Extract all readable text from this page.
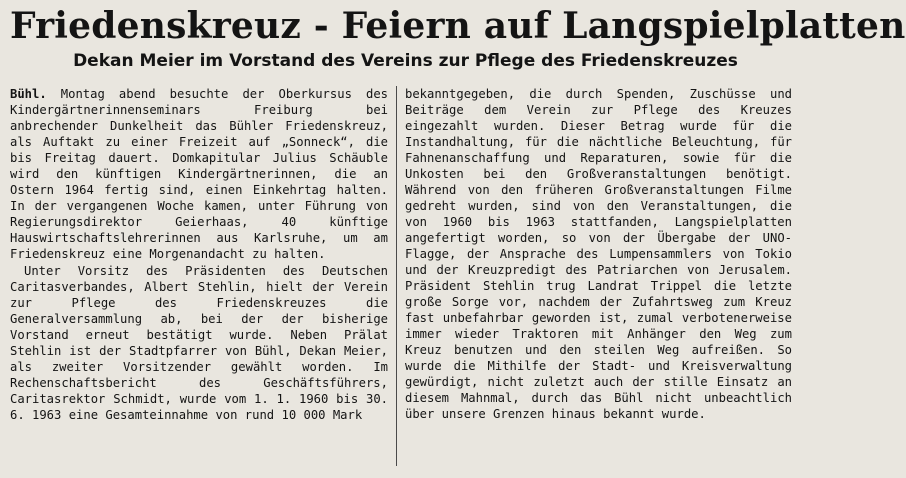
Friedenskreuz - Feiern auf Langspielplatten
Dekan Meier im Vorstand des Vereins zur Pflege des Friedenskreuzes

Bühl. Montag abend besuchte der Oberkursus des Kindergärtnerinnenseminars Freiburg bei anbrechender Dunkelheit das Bühler Friedenskreuz, als Auftakt zu einer Freizeit auf „Sonneck“, die bis Freitag dauert. Domkapitular Julius Schäuble wird den künftigen Kindergärtnerinnen, die an Ostern 1964 fertig sind, einen Einkehrtag halten. In der vergangenen Woche kamen, unter Führung von Regierungsdirektor Geierhaas, 40 künftige Hauswirtschaftslehrerinnen aus Karlsruhe, um am Friedenskreuz eine Morgenandacht zu halten.

Unter Vorsitz des Präsidenten des Deutschen Caritasverbandes, Albert Stehlin, hielt der Verein zur Pflege des Friedenskreuzes die Generalversammlung ab, bei der der bisherige Vorstand erneut bestätigt wurde. Neben Prälat Stehlin ist der Stadtpfarrer von Bühl, Dekan Meier, als zweiter Vorsitzender gewählt worden. Im Rechenschaftsbericht des Geschäftsführers, Caritasrektor Schmidt, wurde vom 1. 1. 1960 bis 30. 6. 1963 eine Gesamteinnahme von rund 10 000 Mark

bekanntgegeben, die durch Spenden, Zuschüsse und Beiträge dem Verein zur Pflege des Kreuzes eingezahlt wurden. Dieser Betrag wurde für die Instandhaltung, für die nächtliche Beleuchtung, für Fahnenanschaffung und Reparaturen, sowie für die Unkosten bei den Großveranstaltungen benötigt. Während von den früheren Großveranstaltungen Filme gedreht wurden, sind von den Veranstaltungen, die von 1960 bis 1963 stattfanden, Langspielplatten angefertigt worden, so von der Übergabe der UNO-Flagge, der Ansprache des Lumpensammlers von Tokio und der Kreuzpredigt des Patriarchen von Jerusalem. Präsident Stehlin trug Landrat Trippel die letzte große Sorge vor, nachdem der Zufahrtsweg zum Kreuz fast unbefahrbar geworden ist, zumal verbotenerweise immer wieder Traktoren mit Anhänger den Weg zum Kreuz benutzen und den steilen Weg aufreißen. So wurde die Mithilfe der Stadt- und Kreisverwaltung gewürdigt, nicht zuletzt auch der stille Einsatz an diesem Mahnmal, durch das Bühl nicht unbeachtlich über unsere Grenzen hinaus bekannt wurde.
